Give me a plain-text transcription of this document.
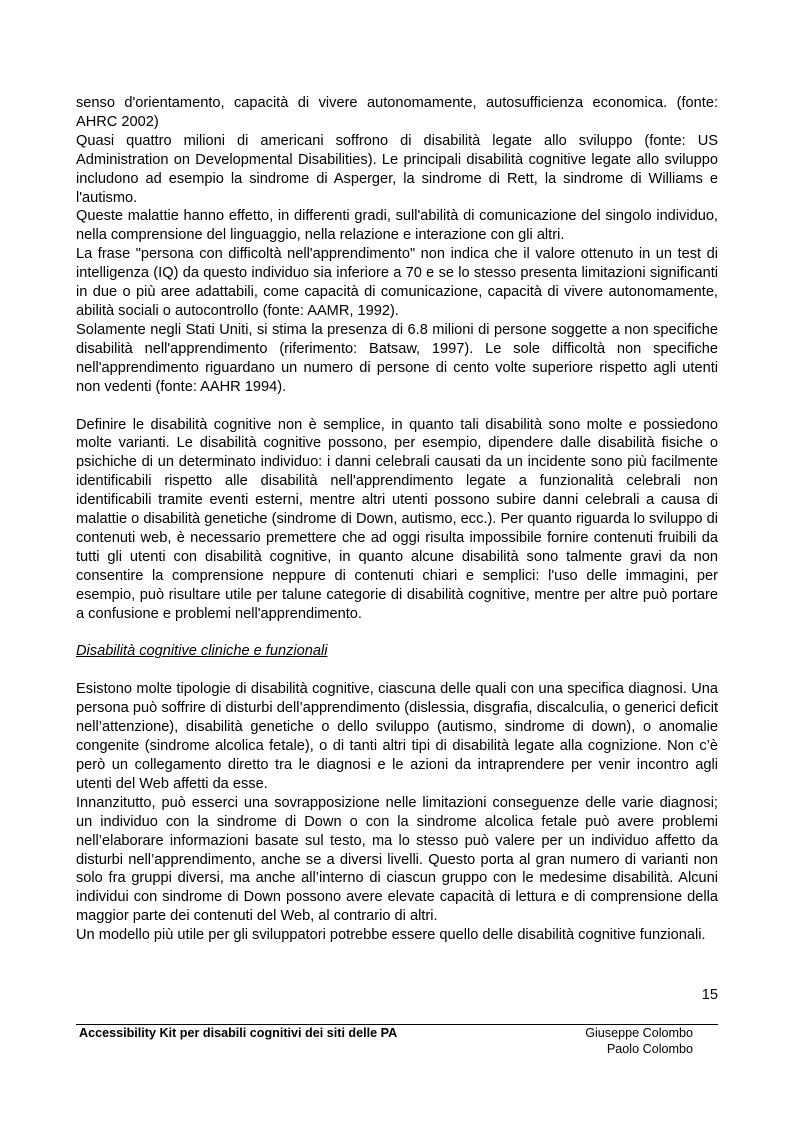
senso d'orientamento, capacità di vivere autonomamente, autosufficienza economica. (fonte: AHRC 2002)

Quasi quattro milioni di americani soffrono di disabilità legate allo sviluppo (fonte: US Administration on Developmental Disabilities). Le principali disabilità cognitive legate allo sviluppo includono ad esempio la sindrome di Asperger, la sindrome di Rett, la sindrome di Williams e l'autismo.

Queste malattie hanno effetto, in differenti gradi, sull'abilità di comunicazione del singolo individuo, nella comprensione del linguaggio, nella relazione e interazione con gli altri.

La frase "persona con difficoltà nell'apprendimento" non indica che il valore ottenuto in un test di intelligenza (IQ) da questo individuo sia inferiore a 70 e se lo stesso presenta limitazioni significanti in due o più aree adattabili, come capacità di comunicazione, capacità di vivere autonomamente, abilità sociali o autocontrollo (fonte: AAMR, 1992).

Solamente negli Stati Uniti, si stima la presenza di 6.8 milioni di persone soggette a non specifiche disabilità nell'apprendimento (riferimento: Batsaw, 1997). Le sole difficoltà non specifiche nell'apprendimento riguardano un numero di persone di cento volte superiore rispetto agli utenti non vedenti (fonte: AAHR 1994).

Definire le disabilità cognitive non è semplice, in quanto tali disabilità sono molte e possiedono molte varianti. Le disabilità cognitive possono, per esempio, dipendere dalle disabilità fisiche o psichiche di un determinato individuo: i danni celebrali causati da un incidente sono più facilmente identificabili rispetto alle disabilità nell'apprendimento legate a funzionalità celebrali non identificabili tramite eventi esterni, mentre altri utenti possono subire danni celebrali a causa di malattie o disabilità genetiche (sindrome di Down, autismo, ecc.). Per quanto riguarda lo sviluppo di contenuti web, è necessario premettere che ad oggi risulta impossibile fornire contenuti fruibili da tutti gli utenti con disabilità cognitive, in quanto alcune disabilità sono talmente gravi da non consentire la comprensione neppure di contenuti chiari e semplici: l'uso delle immagini, per esempio, può risultare utile per talune categorie di disabilità cognitive, mentre per altre può portare a confusione e problemi nell'apprendimento.

Disabilità cognitive cliniche e funzionali

Esistono molte tipologie di disabilità cognitive, ciascuna delle quali con una specifica diagnosi. Una persona può soffrire di disturbi dell’apprendimento (dislessia, disgrafia, discalculia, o generici deficit nell’attenzione), disabilità genetiche o dello sviluppo (autismo, sindrome di down), o anomalie congenite (sindrome alcolica fetale), o di tanti altri tipi di disabilità legate alla cognizione. Non c’è però un collegamento diretto tra le diagnosi e le azioni da intraprendere per venir incontro agli utenti del Web affetti da esse.

Innanzitutto, può esserci una sovrapposizione nelle limitazioni conseguenze delle varie diagnosi; un individuo con la sindrome di Down o con la sindrome alcolica fetale può avere problemi nell’elaborare informazioni basate sul testo, ma lo stesso può valere per un individuo affetto da disturbi nell’apprendimento, anche se a diversi livelli. Questo porta al gran numero di varianti non solo fra gruppi diversi, ma anche all’interno di ciascun gruppo con le medesime disabilità. Alcuni individui con sindrome di Down possono avere elevate capacità di lettura e di comprensione della maggior parte dei contenuti del Web, al contrario di altri.

Un modello più utile per gli sviluppatori potrebbe essere quello delle disabilità cognitive funzionali.

15
Accessibility Kit per disabili cognitivi dei siti delle PA	Giuseppe Colombo
Paolo Colombo
